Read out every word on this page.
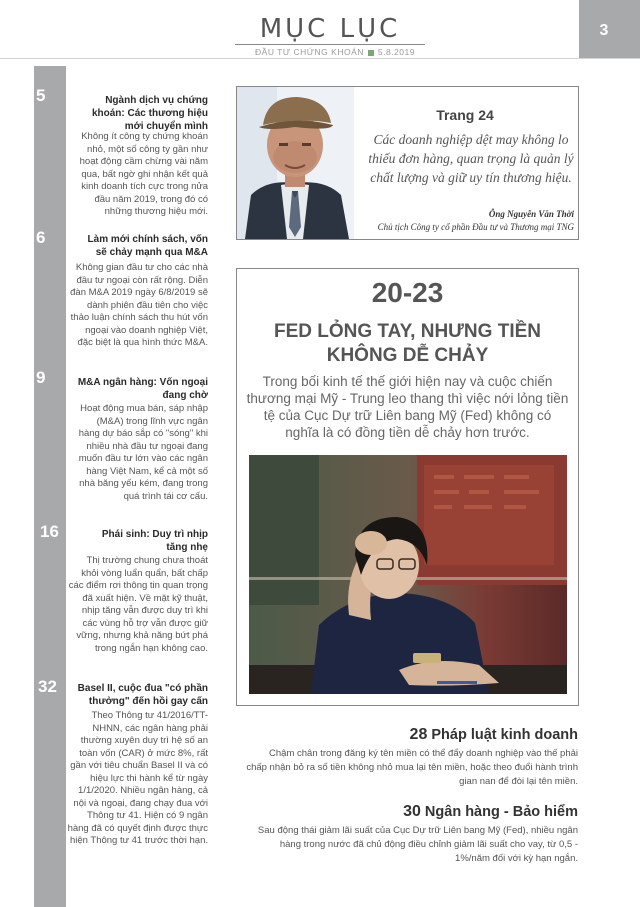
MỤC LỤC
ĐẦU TƯ CHỨNG KHOÁN 5.8.2019
3
5	Ngành dịch vụ chứng khoán: Các thương hiệu mới chuyển mình
Không ít công ty chứng khoán nhỏ, một số công ty gần như hoạt động cầm chừng vài năm qua, bất ngờ ghi nhận kết quả kinh doanh tích cực trong nửa đầu năm 2019, trong đó có những thương hiệu mới.
6	Làm mới chính sách, vốn sẽ chảy mạnh qua M&A
Không gian đầu tư cho các nhà đầu tư ngoại còn rất rộng. Diễn đàn M&A 2019 ngày 6/8/2019 sẽ dành phiên đầu tiên cho việc thảo luận chính sách thu hút vốn ngoại vào doanh nghiệp Việt, đặc biệt là qua hình thức M&A.
9	M&A ngân hàng: Vốn ngoại đang chờ
Hoạt động mua bán, sáp nhập (M&A) trong lĩnh vực ngân hàng dự báo sắp có "sóng" khi nhiều nhà đầu tư ngoại đang muốn đầu tư lớn vào các ngân hàng Việt Nam, kể cả một số nhà băng yếu kém, đang trong quá trình tái cơ cấu.
16	Phái sinh: Duy trì nhịp tăng nhẹ
Thị trường chung chưa thoát khỏi vòng luẩn quẩn, bất chấp các điểm rơi thông tin quan trọng đã xuất hiện. Về mặt kỹ thuật, nhịp tăng vẫn được duy trì khi các vùng hỗ trợ vẫn được giữ vững, nhưng khả năng bứt phá trong ngắn hạn không cao.
32	Basel II, cuộc đua "có phần thưởng" đến hồi gay cấn
Theo Thông tư 41/2016/TT-NHNN, các ngân hàng phải thường xuyên duy trì hệ số an toàn vốn (CAR) ở mức 8%, rất gần với tiêu chuẩn Basel II và có hiệu lực thi hành kể từ ngày 1/1/2020. Nhiều ngân hàng, cả nội và ngoại, đang chạy đua với Thông tư 41. Hiện có 9 ngân hàng đã có quyết định được thực hiện Thông tư 41 trước thời hạn.
Trang 24
Các doanh nghiệp dệt may không lo thiếu đơn hàng, quan trọng là quản lý chất lượng và giữ uy tín thương hiệu.
Ông Nguyễn Văn Thời
Chủ tịch Công ty cổ phần Đầu tư và Thương mại TNG
20-23
FED LỎNG TAY, NHƯNG TIỀN
KHÔNG DỄ CHẢY
Trong bối kinh tế thế giới hiện nay và cuộc chiến thương mại Mỹ - Trung leo thang thì việc nới lỏng tiền tệ của Cục Dự trữ Liên bang Mỹ (Fed) không có nghĩa là có đồng tiền dễ chảy hơn trước.
28 Pháp luật kinh doanh
Chậm chân trong đăng ký tên miền có thể đẩy doanh nghiệp vào thế phải chấp nhận bỏ ra số tiền không nhỏ mua lại tên miền, hoặc theo đuổi hành trình gian nan để đòi lại tên miền.
30 Ngân hàng - Bảo hiểm
Sau động thái giảm lãi suất của Cục Dự trữ Liên bang Mỹ (Fed), nhiều ngân hàng trong nước đã chủ động điều chỉnh giảm lãi suất cho vay, từ 0,5 - 1%/năm đối với kỳ hạn ngắn.
